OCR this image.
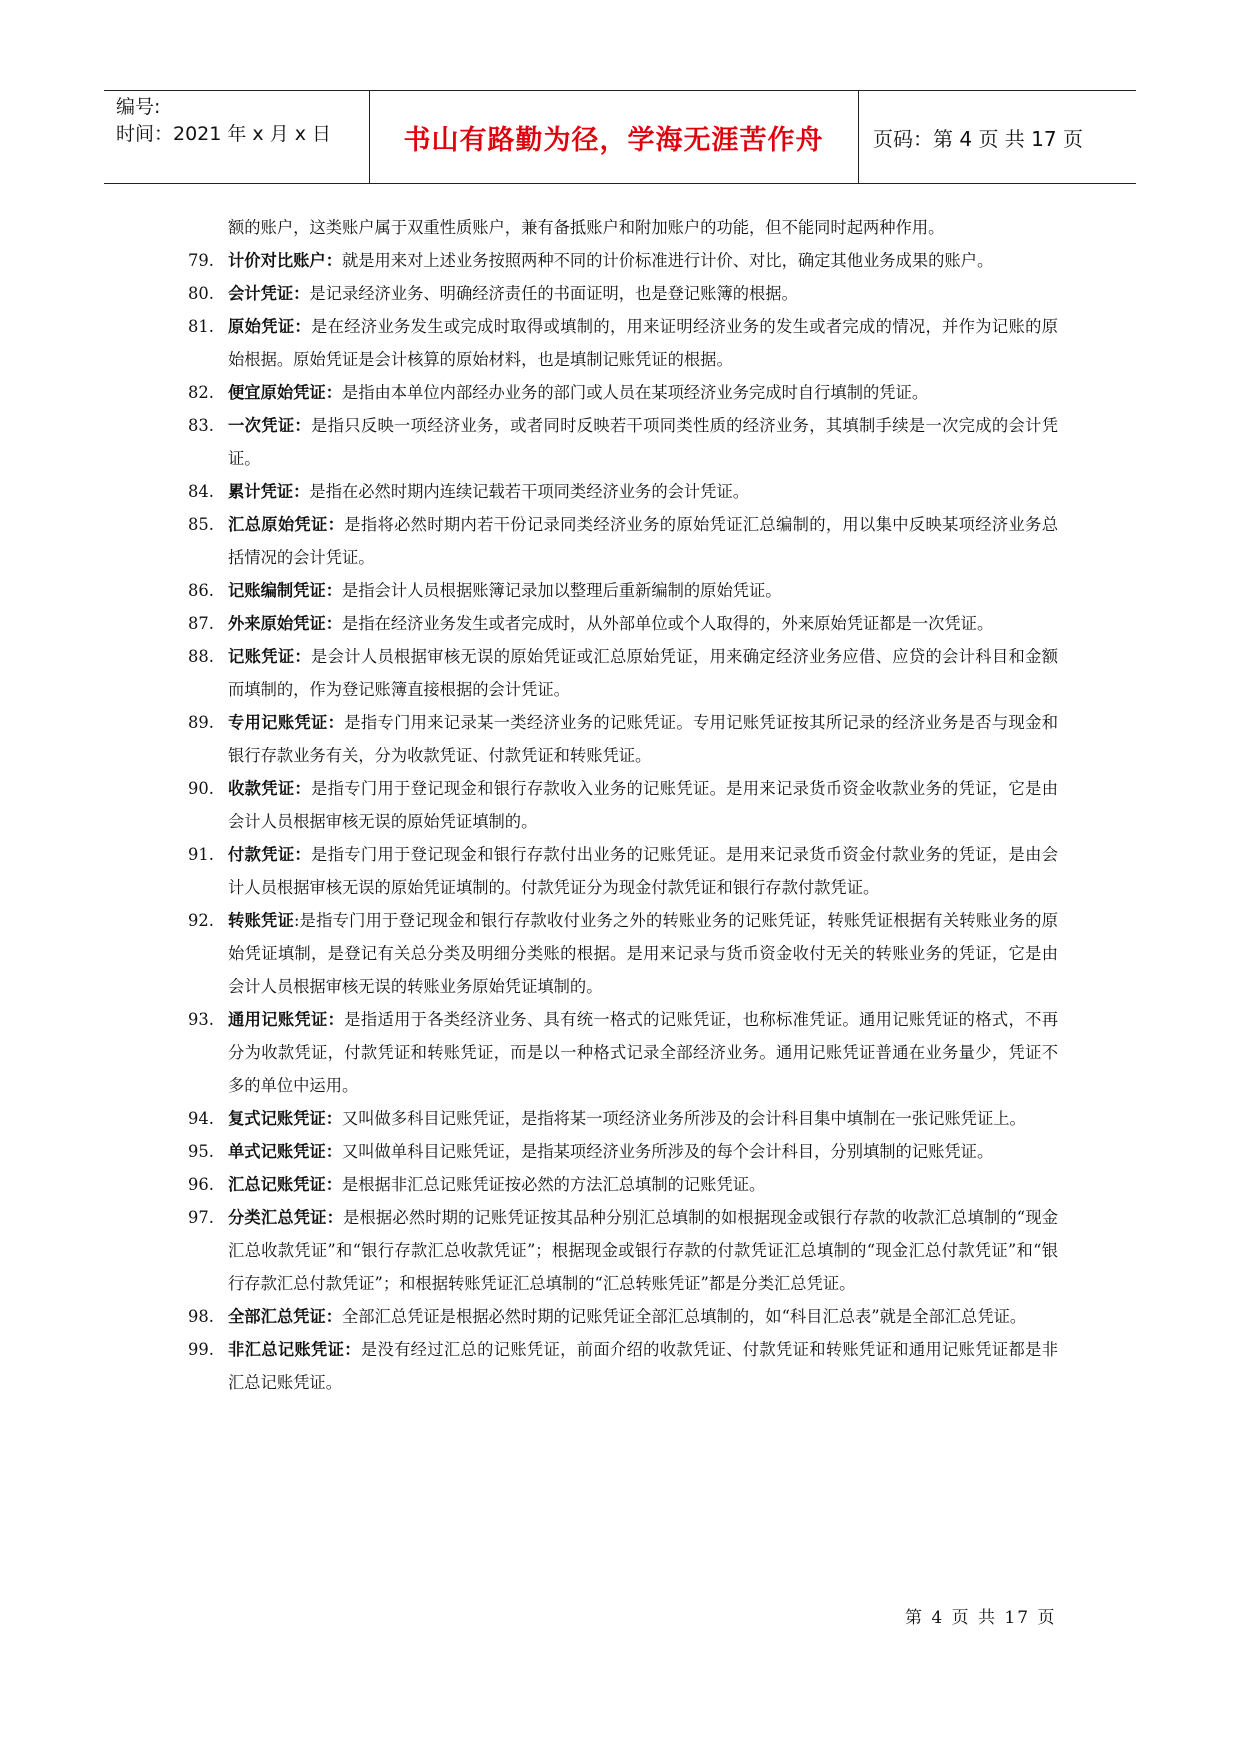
编号:
时间：2021 年 x 月 x 日	书山有路勤为径，学海无涯苦作舟	页码：第 4 页 共 17 页
额的账户，这类账户属于双重性质账户，兼有备抵账户和附加账户的功能，但不能同时起两种作用。
79. 计价对比账户：就是用来对上述业务按照两种不同的计价标准进行计价、对比，确定其他业务成果的账户。
80. 会计凭证：是记录经济业务、明确经济责任的书面证明，也是登记账簿的根据。
81. 原始凭证：是在经济业务发生或完成时取得或填制的，用来证明经济业务的发生或者完成的情况，并作为记账的原始根据。原始凭证是会计核算的原始材料，也是填制记账凭证的根据。
82. 便宜原始凭证：是指由本单位内部经办业务的部门或人员在某项经济业务完成时自行填制的凭证。
83. 一次凭证：是指只反映一项经济业务，或者同时反映若干项同类性质的经济业务，其填制手续是一次完成的会计凭证。
84. 累计凭证：是指在必然时期内连续记载若干项同类经济业务的会计凭证。
85. 汇总原始凭证：是指将必然时期内若干份记录同类经济业务的原始凭证汇总编制的，用以集中反映某项经济业务总括情况的会计凭证。
86. 记账编制凭证：是指会计人员根据账簿记录加以整理后重新编制的原始凭证。
87. 外来原始凭证：是指在经济业务发生或者完成时，从外部单位或个人取得的，外来原始凭证都是一次凭证。
88. 记账凭证：是会计人员根据审核无误的原始凭证或汇总原始凭证，用来确定经济业务应借、应贷的会计科目和金额而填制的，作为登记账簿直接根据的会计凭证。
89. 专用记账凭证：是指专门用来记录某一类经济业务的记账凭证。专用记账凭证按其所记录的经济业务是否与现金和银行存款业务有关，分为收款凭证、付款凭证和转账凭证。
90. 收款凭证：是指专门用于登记现金和银行存款收入业务的记账凭证。是用来记录货币资金收款业务的凭证，它是由会计人员根据审核无误的原始凭证填制的。
91. 付款凭证：是指专门用于登记现金和银行存款付出业务的记账凭证。是用来记录货币资金付款业务的凭证，是由会计人员根据审核无误的原始凭证填制的。付款凭证分为现金付款凭证和银行存款付款凭证。
92. 转账凭证:是指专门用于登记现金和银行存款收付业务之外的转账业务的记账凭证，转账凭证根据有关转账业务的原始凭证填制，是登记有关总分类及明细分类账的根据。是用来记录与货币资金收付无关的转账业务的凭证，它是由会计人员根据审核无误的转账业务原始凭证填制的。
93. 通用记账凭证：是指适用于各类经济业务、具有统一格式的记账凭证，也称标准凭证。通用记账凭证的格式，不再分为收款凭证，付款凭证和转账凭证，而是以一种格式记录全部经济业务。通用记账凭证普通在业务量少，凭证不多的单位中运用。
94. 复式记账凭证：又叫做多科目记账凭证，是指将某一项经济业务所涉及的会计科目集中填制在一张记账凭证上。
95. 单式记账凭证：又叫做单科目记账凭证，是指某项经济业务所涉及的每个会计科目，分别填制的记账凭证。
96. 汇总记账凭证：是根据非汇总记账凭证按必然的方法汇总填制的记账凭证。
97. 分类汇总凭证：是根据必然时期的记账凭证按其品种分别汇总填制的如根据现金或银行存款的收款汇总填制的“现金汇总收款凭证”和“银行存款汇总收款凭证”；根据现金或银行存款的付款凭证汇总填制的“现金汇总付款凭证”和“银行存款汇总付款凭证”；和根据转账凭证汇总填制的“汇总转账凭证”都是分类汇总凭证。
98. 全部汇总凭证：全部汇总凭证是根据必然时期的记账凭证全部汇总填制的，如“科目汇总表”就是全部汇总凭证。
99. 非汇总记账凭证：是没有经过汇总的记账凭证，前面介绍的收款凭证、付款凭证和转账凭证和通用记账凭证都是非汇总记账凭证。
第 4 页 共 17 页
